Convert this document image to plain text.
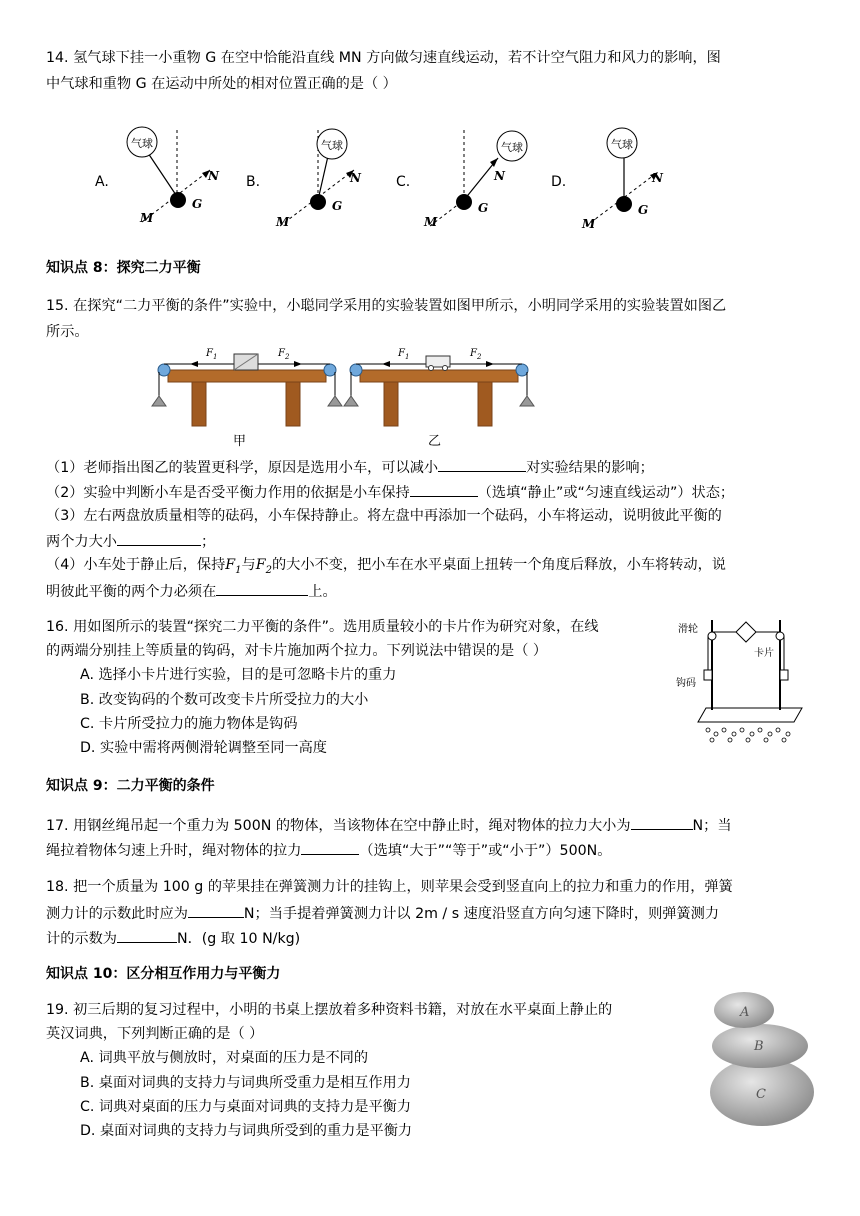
14. 氢气球下挂一小重物 G 在空中恰能沿直线 MN 方向做匀速直线运动，若不计空气阻力和风力的影响，图
中气球和重物 G 在运动中所处的相对位置正确的是（ ）
A.	B.	C.	D.
气球
G
M
N
气球
G
M
N
气球
G
M
N
气球
G
M
N
知识点 8：探究二力平衡
15. 在探究“二力平衡的条件”实验中，小聪同学采用的实验装置如图甲所示，小明同学采用的实验装置如图乙
所示。
$F_1$	$F_2$
甲
$F_1$	$F_2$
乙
（1）老师指出图乙的装置更科学，原因是选用小车，可以减小	对实验结果的影响；
（2）实验中判断小车是否受平衡力作用的依据是小车保持	（选填“静止”或“匀速直线运动”）状态；
（3）左右两盘放质量相等的砝码，小车保持静止。将左盘中再添加一个砝码，小车将运动，说明彼此平衡的
两个力大小	；
（4）小车处于静止后，保持$F_1$与$F_2$的大小不变，把小车在水平桌面上扭转一个角度后释放，小车将转动，说
明彼此平衡的两个力必须在	上。
16. 用如图所示的装置“探究二力平衡的条件”。选用质量较小的卡片作为研究对象，在线
的两端分别挂上等质量的钩码，对卡片施加两个拉力。下列说法中错误的是（ ）
A. 选择小卡片进行实验，目的是可忽略卡片的重力
B. 改变钩码的个数可改变卡片所受拉力的大小
C. 卡片所受拉力的施力物体是钩码
D. 实验中需将两侧滑轮调整至同一高度
滑轮
卡片
钩码
知识点 9：二力平衡的条件
17. 用钢丝绳吊起一个重力为 500N 的物体，当该物体在空中静止时，绳对物体的拉力大小为	N；当
绳拉着物体匀速上升时，绳对物体的拉力	（选填“大于”“等于”或“小于”）500N。
18. 把一个质量为 100 g 的苹果挂在弹簧测力计的挂钩上，则苹果会受到竖直向上的拉力和重力的作用，弹簧
测力计的示数此时应为	N；当手提着弹簧测力计以 2m / s 速度沿竖直方向匀速下降时，则弹簧测力
计的示数为	N．(g 取 10 N/kg)
知识点 10：区分相互作用力与平衡力
19. 初三后期的复习过程中，小明的书桌上摆放着多种资料书籍，对放在水平桌面上静止的
英汉词典，下列判断正确的是（ ）
A. 词典平放与侧放时，对桌面的压力是不同的
B. 桌面对词典的支持力与词典所受重力是相互作用力
C. 词典对桌面的压力与桌面对词典的支持力是平衡力
D. 桌面对词典的支持力与词典所受到的重力是平衡力
A
B
C
